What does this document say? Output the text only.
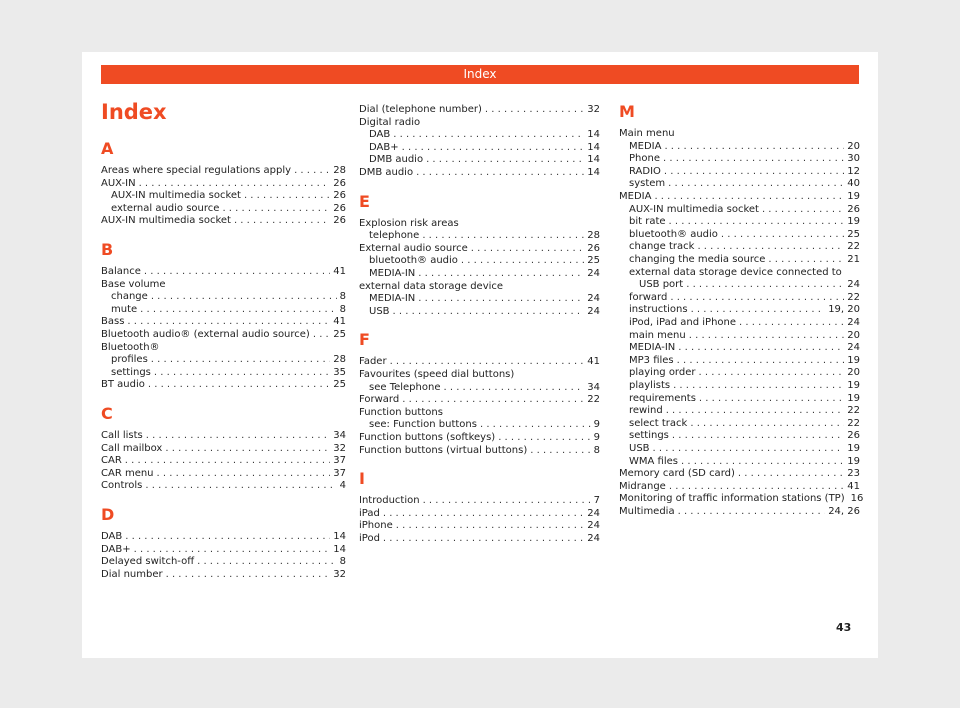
Index
Index
A
Areas where special regulations apply . . .	28
AUX-IN . . .	26
AUX-IN multimedia socket . . .	26
external audio source . . .	26
AUX-IN multimedia socket . . .	26
B
Balance . . .	41
Base volume
change . . .	8
mute . . .	8
Bass . . .	41
Bluetooth audio® (external audio source) . . . 25
Bluetooth®
profiles . . .	28
settings . . .	35
BT audio . . .	25
C
Call lists . . .	34
Call mailbox . . .	32
CAR . . .	37
CAR menu . . .	37
Controls . . .	4
D
DAB . . .	14
DAB+ . . .	14
Delayed switch-off . . .	8
Dial number . . .	32
Dial (telephone number) . . .	32
Digital radio
DAB . . .	14
DAB+ . . .	14
DMB audio . . .	14
DMB audio . . .	14
E
Explosion risk areas
telephone . . .	28
External audio source . . .	26
bluetooth® audio . . .	25
MEDIA-IN . . .	24
external data storage device
MEDIA-IN . . .	24
USB . . .	24
F
Fader . . .	41
Favourites (speed dial buttons)
see Telephone . . .	34
Forward . . .	22
Function buttons
see: Function buttons . . .	9
Function buttons (softkeys) . . .	9
Function buttons (virtual buttons) . . .	8
I
Introduction . . .	7
iPad . . .	24
iPhone . . .	24
iPod . . .	24
M
Main menu
MEDIA . . .	20
Phone . . .	30
RADIO . . .	12
system . . .	40
MEDIA . . .	19
AUX-IN multimedia socket . . .	26
bit rate . . .	19
bluetooth® audio . . .	25
change track . . .	22
changing the media source . . .	21
external data storage device connected to
USB port . . .	24
forward . . .	22
instructions . . .	19, 20
iPod, iPad and iPhone . . .	24
main menu . . .	20
MEDIA-IN . . .	24
MP3 files . . .	19
playing order . . .	20
playlists . . .	19
requirements . . .	19
rewind . . .	22
select track . . .	22
settings . . .	26
USB . . .	19
WMA files . . .	19
Memory card (SD card) . . .	23
Midrange . . .	41
Monitoring of traffic information stations (TP) 16
Multimedia . . .	24, 26
43
